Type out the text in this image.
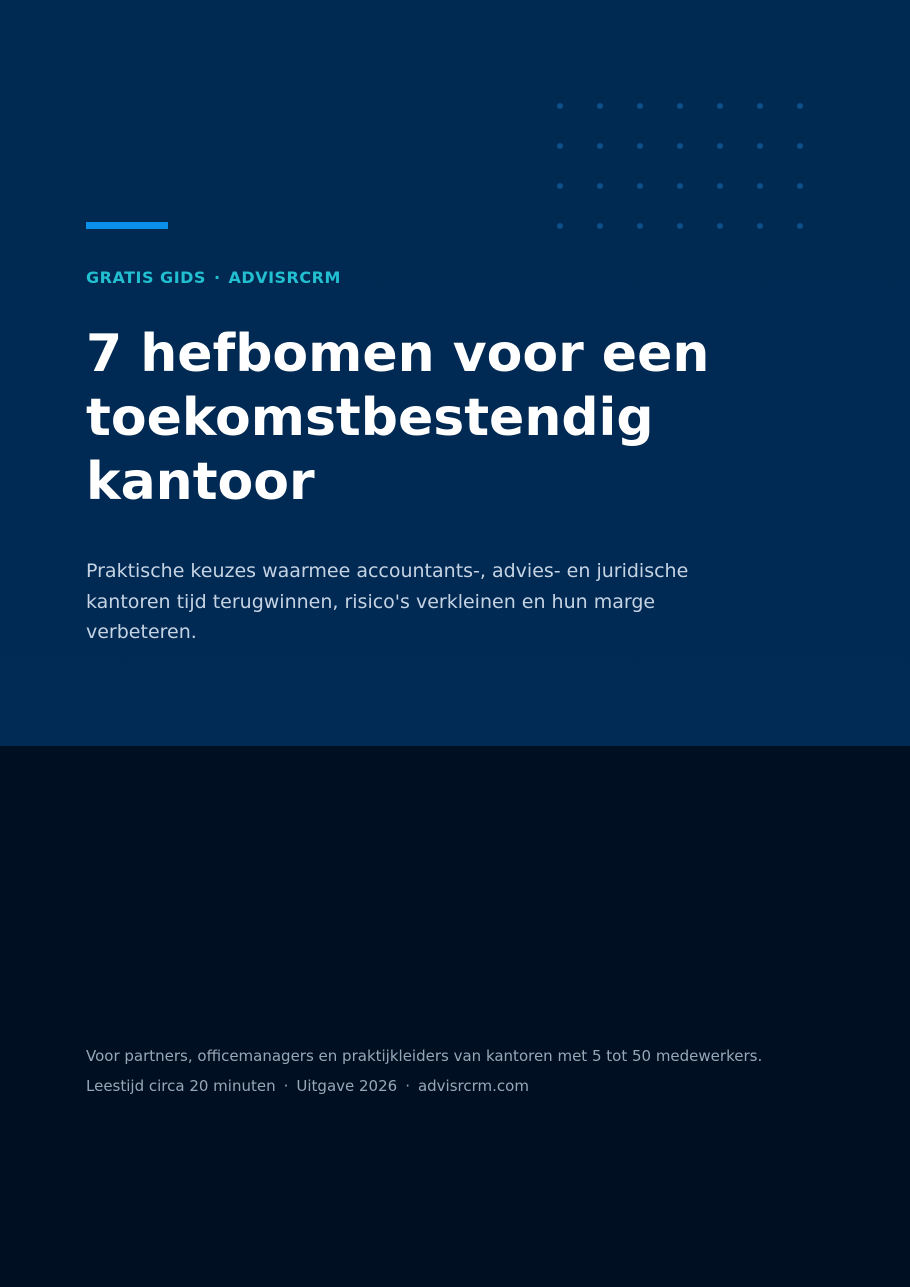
GRATIS GIDS · ADVISRCRM
7 hefbomen voor een toekomstbestendig kantoor

Praktische keuzes waarmee accountants-, advies- en juridische kantoren tijd terugwinnen, risico's verkleinen en hun marge verbeteren.

Voor partners, officemanagers en praktijkleiders van kantoren met 5 tot 50 medewerkers.
Leestijd circa 20 minuten · Uitgave 2026 · advisrcrm.com
